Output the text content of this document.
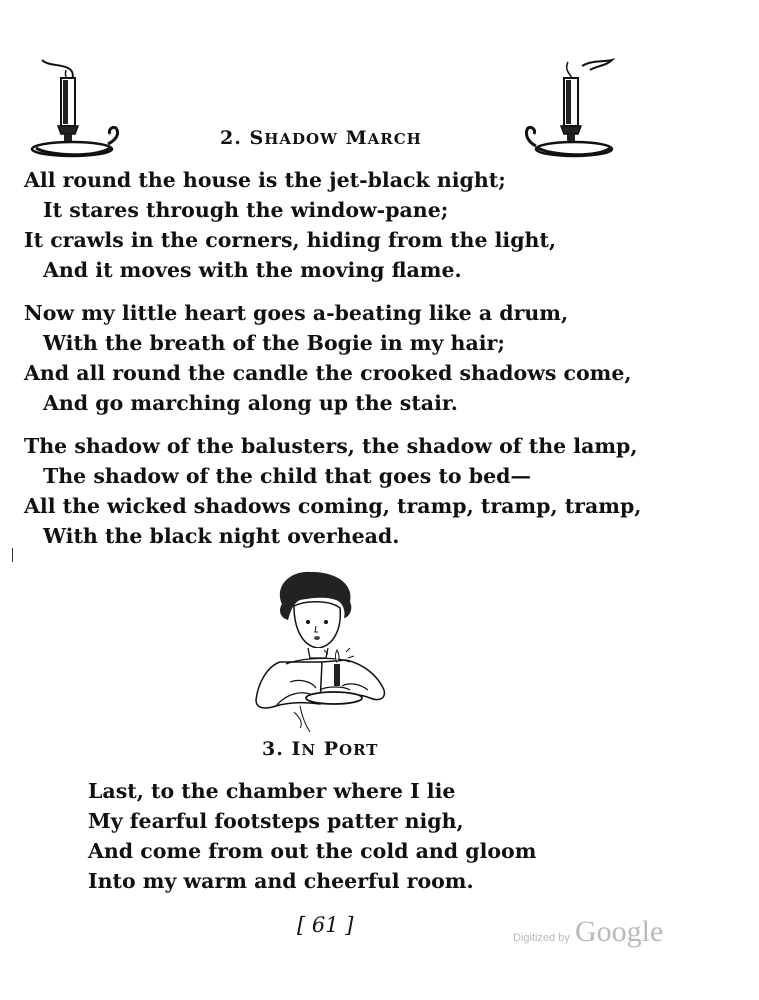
2. SHADOW MARCH
All round the house is the jet-black night;
It stares through the window-pane;
It crawls in the corners, hiding from the light,
And it moves with the moving flame.
Now my little heart goes a-beating like a drum,
With the breath of the Bogie in my hair;
And all round the candle the crooked shadows come,
And go marching along up the stair.
The shadow of the balusters, the shadow of the lamp,
The shadow of the child that goes to bed—
All the wicked shadows coming, tramp, tramp, tramp,
With the black night overhead.
3. IN PORT
Last, to the chamber where I lie
My fearful footsteps patter nigh,
And come from out the cold and gloom
Into my warm and cheerful room.
[ 61 ]
Digitized by Google
